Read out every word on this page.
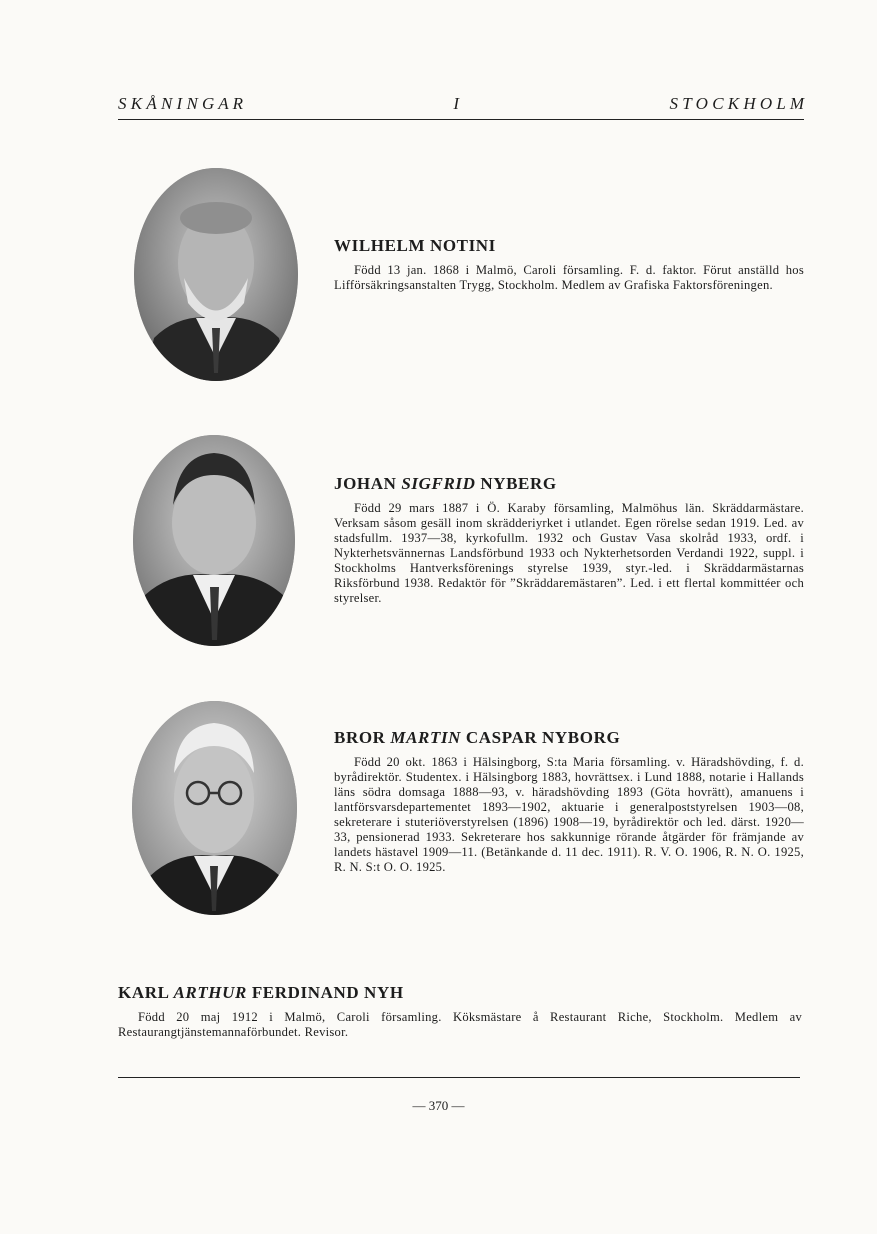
S K Å N I N G A R	I	S T O C K H O L M
WILHELM NOTINI

Född 13 jan. 1868 i Malmö, Caroli församling. F. d. faktor. Förut anställd hos Lifförsäkringsanstalten Trygg, Stockholm. Medlem av Grafiska Faktorsföreningen.

JOHAN SIGFRID NYBERG

Född 29 mars 1887 i Ö. Karaby församling, Malmöhus län. Skräddarmästare. Verksam såsom gesäll inom skrädderiyrket i utlandet. Egen rörelse sedan 1919. Led. av stadsfullm. 1937—38, kyrkofullm. 1932 och Gustav Vasa skolråd 1933, ordf. i Nykterhetsvännernas Landsförbund 1933 och Nykterhetsorden Verdandi 1922, suppl. i Stockholms Hantverksförenings styrelse 1939, styr.-led. i Skräddarmästarnas Riksförbund 1938. Redaktör för ”Skräddaremästaren”. Led. i ett flertal kommittéer och styrelser.

BROR MARTIN CASPAR NYBORG

Född 20 okt. 1863 i Hälsingborg, S:ta Maria församling. v. Häradshövding, f. d. byrådirektör. Studentex. i Hälsingborg 1883, hovrättsex. i Lund 1888, notarie i Hallands läns södra domsaga 1888—93, v. häradshövding 1893 (Göta hovrätt), amanuens i lantförsvarsdepartementet 1893—1902, aktuarie i generalpoststyrelsen 1903—08, sekreterare i stuteriöverstyrelsen (1896) 1908—19, byrådirektör och led. därst. 1920—33, pensionerad 1933. Sekreterare hos sakkunnige rörande åtgärder för främjande av landets hästavel 1909—11. (Betänkande d. 11 dec. 1911). R. V. O. 1906, R. N. O. 1925, R. N. S:t O. O. 1925.

KARL ARTHUR FERDINAND NYH

Född 20 maj 1912 i Malmö, Caroli församling. Köksmästare å Restaurant Riche, Stockholm. Medlem av Restaurangtjänstemannaförbundet. Revisor.

— 370 —
